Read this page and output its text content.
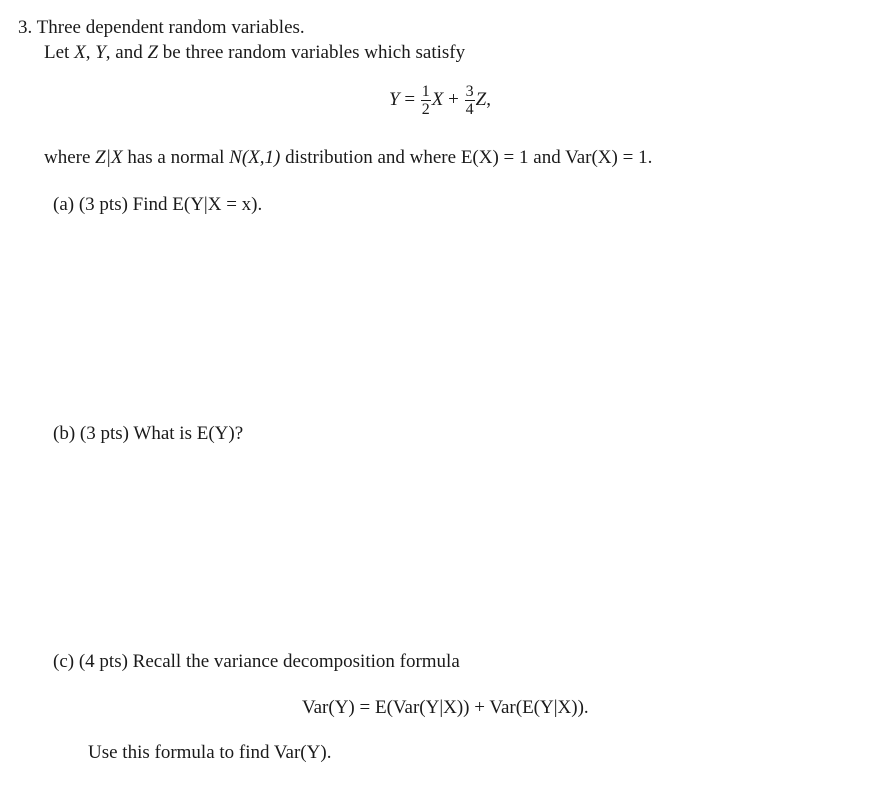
3. Three dependent random variables.
Let X, Y, and Z be three random variables which satisfy
$Y = \frac{1}{2}$ $X + \frac{3}{4} Z$,
where Z|X has a normal N(X,1) distribution and where E(X) = 1 and Var(X) = 1.
(a) (3 pts) Find E(Y|X = x).
(b) (3 pts) What is E(Y)?
(c) (4 pts) Recall the variance decomposition formula
Var(Y) = E(Var(Y|X)) + Var(E(Y|X)).
Use this formula to find Var(Y).
